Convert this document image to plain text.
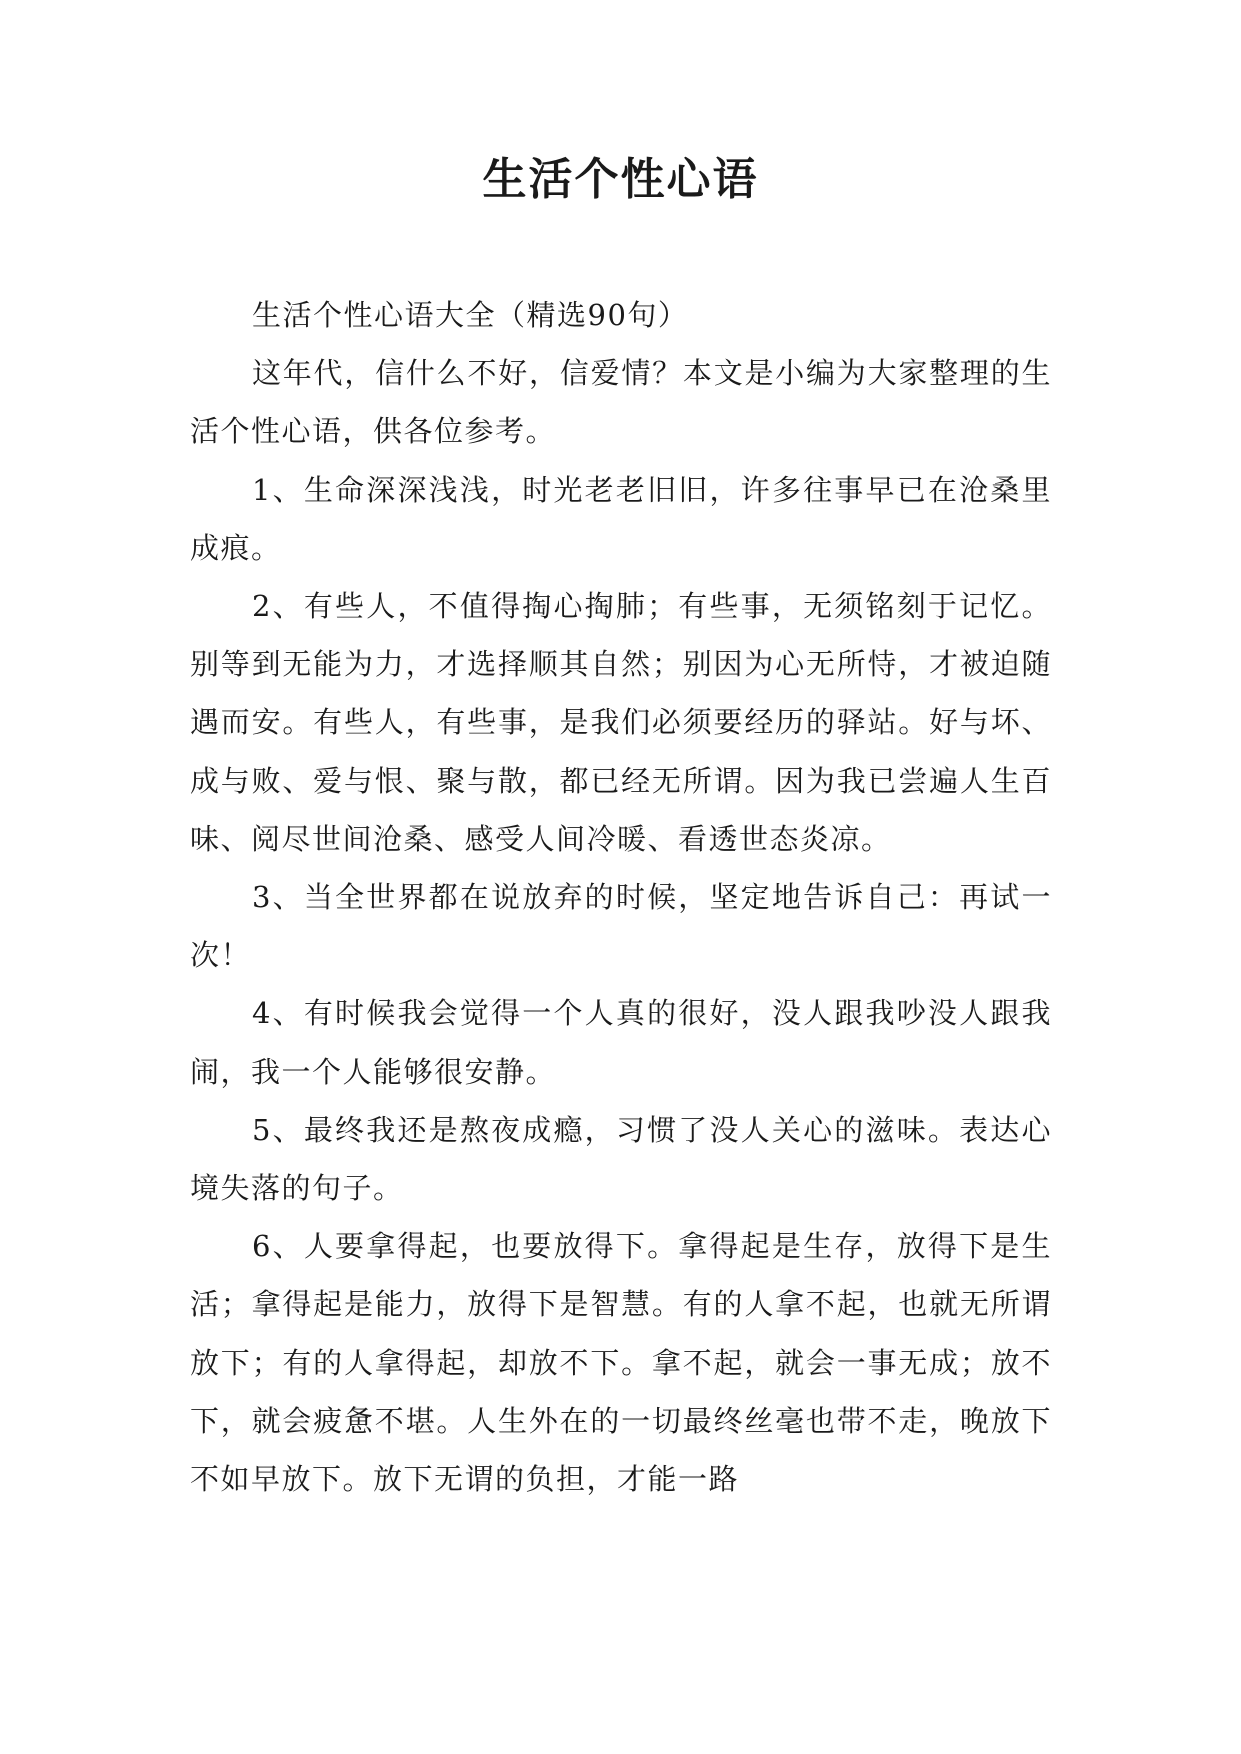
生活个性心语

生活个性心语大全（精选90句）

这年代，信什么不好，信爱情？本文是小编为大家整理的生活个性心语，供各位参考。

1、生命深深浅浅，时光老老旧旧，许多往事早已在沧桑里成痕。

2、有些人，不值得掏心掏肺；有些事，无须铭刻于记忆。别等到无能为力，才选择顺其自然；别因为心无所恃，才被迫随遇而安。有些人，有些事，是我们必须要经历的驿站。好与坏、成与败、爱与恨、聚与散，都已经无所谓。因为我已尝遍人生百味、阅尽世间沧桑、感受人间冷暖、看透世态炎凉。

3、当全世界都在说放弃的时候，坚定地告诉自己：再试一次！

4、有时候我会觉得一个人真的很好，没人跟我吵没人跟我闹，我一个人能够很安静。

5、最终我还是熬夜成瘾，习惯了没人关心的滋味。表达心境失落的句子。

6、人要拿得起，也要放得下。拿得起是生存，放得下是生活；拿得起是能力，放得下是智慧。有的人拿不起，也就无所谓放下；有的人拿得起，却放不下。拿不起，就会一事无成；放不下，就会疲惫不堪。人生外在的一切最终丝毫也带不走，晚放下不如早放下。放下无谓的负担，才能一路
